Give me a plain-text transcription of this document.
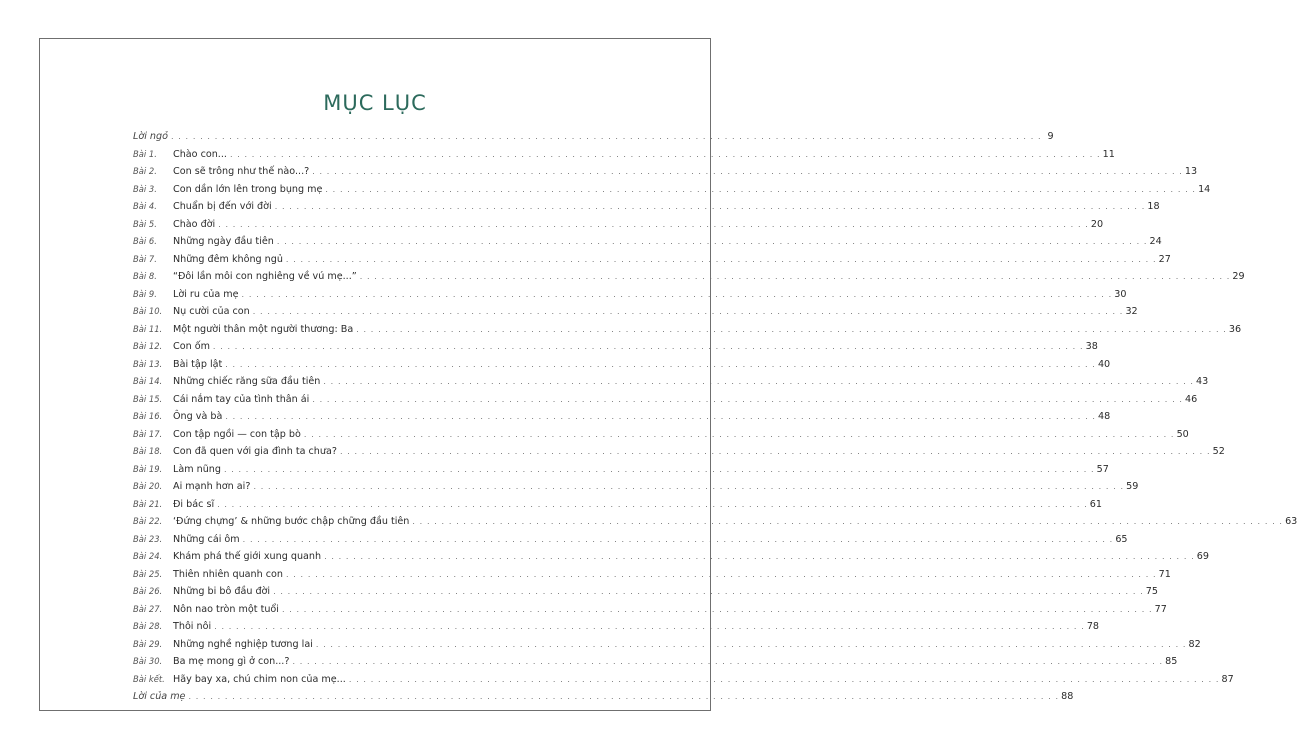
MỤC LỤC
Lời ngỏ . . . . . . . . . . . . . . . . . . . . . . . . . . . . . . . . . . . . . . . . . . . . . . . . . . . . . . . . . . . . . . . . . . . . . . . . . . . . . . . . . . . . . . . . . . . . . . . . . . . . . . . . . . . . . . . . . . . . . . . . 9
Bài 1.	Chào con... . . . . . . . . . . . . . . . . . . . . . . . . . . . . . . . . . . . . . . . . . . . . . . . . . . . . . . . . . . . . . . . . . . . . . . . . . . . . . . . . . . . . . . . . . . . . . . . . . . . . . . . . . . . . . . . . . . . . . . . . 11
Bài 2.	Con sẽ trông như thế nào...? . . . . . . . . . . . . . . . . . . . . . . . . . . . . . . . . . . . . . . . . . . . . . . . . . . . . . . . . . . . . . . . . . . . . . . . . . . . . . . . . . . . . . . . . . . . . . . . . . . . . . . . . . . . . . . . . . . . . . . . . 13
Bài 3.	Con dần lớn lên trong bụng mẹ . . . . . . . . . . . . . . . . . . . . . . . . . . . . . . . . . . . . . . . . . . . . . . . . . . . . . . . . . . . . . . . . . . . . . . . . . . . . . . . . . . . . . . . . . . . . . . . . . . . . . . . . . . . . . . . . . . . . . . . . 14
Bài 4.	Chuẩn bị đến với đời . . . . . . . . . . . . . . . . . . . . . . . . . . . . . . . . . . . . . . . . . . . . . . . . . . . . . . . . . . . . . . . . . . . . . . . . . . . . . . . . . . . . . . . . . . . . . . . . . . . . . . . . . . . . . . . . . . . . . . . . 18
Bài 5.	Chào đời . . . . . . . . . . . . . . . . . . . . . . . . . . . . . . . . . . . . . . . . . . . . . . . . . . . . . . . . . . . . . . . . . . . . . . . . . . . . . . . . . . . . . . . . . . . . . . . . . . . . . . . . . . . . . . . . . . . . . . . . 20
Bài 6.	Những ngày đầu tiên . . . . . . . . . . . . . . . . . . . . . . . . . . . . . . . . . . . . . . . . . . . . . . . . . . . . . . . . . . . . . . . . . . . . . . . . . . . . . . . . . . . . . . . . . . . . . . . . . . . . . . . . . . . . . . . . . . . . . . . . 24
Bài 7.	Những đêm không ngủ . . . . . . . . . . . . . . . . . . . . . . . . . . . . . . . . . . . . . . . . . . . . . . . . . . . . . . . . . . . . . . . . . . . . . . . . . . . . . . . . . . . . . . . . . . . . . . . . . . . . . . . . . . . . . . . . . . . . . . . . 27
Bài 8.	“Đôi lần môi con nghiêng về vú mẹ...” . . . . . . . . . . . . . . . . . . . . . . . . . . . . . . . . . . . . . . . . . . . . . . . . . . . . . . . . . . . . . . . . . . . . . . . . . . . . . . . . . . . . . . . . . . . . . . . . . . . . . . . . . . . . . . . . . . . . . . . . 29
Bài 9.	Lời ru của mẹ . . . . . . . . . . . . . . . . . . . . . . . . . . . . . . . . . . . . . . . . . . . . . . . . . . . . . . . . . . . . . . . . . . . . . . . . . . . . . . . . . . . . . . . . . . . . . . . . . . . . . . . . . . . . . . . . . . . . . . . . 30
Bài 10.	Nụ cười của con . . . . . . . . . . . . . . . . . . . . . . . . . . . . . . . . . . . . . . . . . . . . . . . . . . . . . . . . . . . . . . . . . . . . . . . . . . . . . . . . . . . . . . . . . . . . . . . . . . . . . . . . . . . . . . . . . . . . . . . . 32
Bài 11.	Một người thân một người thương: Ba . . . . . . . . . . . . . . . . . . . . . . . . . . . . . . . . . . . . . . . . . . . . . . . . . . . . . . . . . . . . . . . . . . . . . . . . . . . . . . . . . . . . . . . . . . . . . . . . . . . . . . . . . . . . . . . . . . . . . . . . 36
Bài 12.	Con ốm . . . . . . . . . . . . . . . . . . . . . . . . . . . . . . . . . . . . . . . . . . . . . . . . . . . . . . . . . . . . . . . . . . . . . . . . . . . . . . . . . . . . . . . . . . . . . . . . . . . . . . . . . . . . . . . . . . . . . . . . 38
Bài 13.	Bài tập lật . . . . . . . . . . . . . . . . . . . . . . . . . . . . . . . . . . . . . . . . . . . . . . . . . . . . . . . . . . . . . . . . . . . . . . . . . . . . . . . . . . . . . . . . . . . . . . . . . . . . . . . . . . . . . . . . . . . . . . . . 40
Bài 14.	Những chiếc răng sữa đầu tiên . . . . . . . . . . . . . . . . . . . . . . . . . . . . . . . . . . . . . . . . . . . . . . . . . . . . . . . . . . . . . . . . . . . . . . . . . . . . . . . . . . . . . . . . . . . . . . . . . . . . . . . . . . . . . . . . . . . . . . . . 43
Bài 15.	Cái nắm tay của tình thân ái . . . . . . . . . . . . . . . . . . . . . . . . . . . . . . . . . . . . . . . . . . . . . . . . . . . . . . . . . . . . . . . . . . . . . . . . . . . . . . . . . . . . . . . . . . . . . . . . . . . . . . . . . . . . . . . . . . . . . . . . 46
Bài 16.	Ông và bà . . . . . . . . . . . . . . . . . . . . . . . . . . . . . . . . . . . . . . . . . . . . . . . . . . . . . . . . . . . . . . . . . . . . . . . . . . . . . . . . . . . . . . . . . . . . . . . . . . . . . . . . . . . . . . . . . . . . . . . . 48
Bài 17.	Con tập ngồi — con tập bò . . . . . . . . . . . . . . . . . . . . . . . . . . . . . . . . . . . . . . . . . . . . . . . . . . . . . . . . . . . . . . . . . . . . . . . . . . . . . . . . . . . . . . . . . . . . . . . . . . . . . . . . . . . . . . . . . . . . . . . . 50
Bài 18.	Con đã quen với gia đình ta chưa? . . . . . . . . . . . . . . . . . . . . . . . . . . . . . . . . . . . . . . . . . . . . . . . . . . . . . . . . . . . . . . . . . . . . . . . . . . . . . . . . . . . . . . . . . . . . . . . . . . . . . . . . . . . . . . . . . . . . . . . . 52
Bài 19.	Làm nũng . . . . . . . . . . . . . . . . . . . . . . . . . . . . . . . . . . . . . . . . . . . . . . . . . . . . . . . . . . . . . . . . . . . . . . . . . . . . . . . . . . . . . . . . . . . . . . . . . . . . . . . . . . . . . . . . . . . . . . . . 57
Bài 20.	Ai mạnh hơn ai? . . . . . . . . . . . . . . . . . . . . . . . . . . . . . . . . . . . . . . . . . . . . . . . . . . . . . . . . . . . . . . . . . . . . . . . . . . . . . . . . . . . . . . . . . . . . . . . . . . . . . . . . . . . . . . . . . . . . . . . . 59
Bài 21.	Đi bác sĩ . . . . . . . . . . . . . . . . . . . . . . . . . . . . . . . . . . . . . . . . . . . . . . . . . . . . . . . . . . . . . . . . . . . . . . . . . . . . . . . . . . . . . . . . . . . . . . . . . . . . . . . . . . . . . . . . . . . . . . . . 61
Bài 22.	‘Đứng chựng’ & những bước chập chững đầu tiên . . . . . . . . . . . . . . . . . . . . . . . . . . . . . . . . . . . . . . . . . . . . . . . . . . . . . . . . . . . . . . . . . . . . . . . . . . . . . . . . . . . . . . . . . . . . . . . . . . . . . . . . . . . . . . . . . . . . . . . . 63
Bài 23.	Những cái ôm . . . . . . . . . . . . . . . . . . . . . . . . . . . . . . . . . . . . . . . . . . . . . . . . . . . . . . . . . . . . . . . . . . . . . . . . . . . . . . . . . . . . . . . . . . . . . . . . . . . . . . . . . . . . . . . . . . . . . . . . 65
Bài 24.	Khám phá thế giới xung quanh . . . . . . . . . . . . . . . . . . . . . . . . . . . . . . . . . . . . . . . . . . . . . . . . . . . . . . . . . . . . . . . . . . . . . . . . . . . . . . . . . . . . . . . . . . . . . . . . . . . . . . . . . . . . . . . . . . . . . . . . 69
Bài 25.	Thiên nhiên quanh con . . . . . . . . . . . . . . . . . . . . . . . . . . . . . . . . . . . . . . . . . . . . . . . . . . . . . . . . . . . . . . . . . . . . . . . . . . . . . . . . . . . . . . . . . . . . . . . . . . . . . . . . . . . . . . . . . . . . . . . . 71
Bài 26.	Những bi bô đầu đời . . . . . . . . . . . . . . . . . . . . . . . . . . . . . . . . . . . . . . . . . . . . . . . . . . . . . . . . . . . . . . . . . . . . . . . . . . . . . . . . . . . . . . . . . . . . . . . . . . . . . . . . . . . . . . . . . . . . . . . . 75
Bài 27.	Nôn nao tròn một tuổi . . . . . . . . . . . . . . . . . . . . . . . . . . . . . . . . . . . . . . . . . . . . . . . . . . . . . . . . . . . . . . . . . . . . . . . . . . . . . . . . . . . . . . . . . . . . . . . . . . . . . . . . . . . . . . . . . . . . . . . . 77
Bài 28.	Thôi nôi . . . . . . . . . . . . . . . . . . . . . . . . . . . . . . . . . . . . . . . . . . . . . . . . . . . . . . . . . . . . . . . . . . . . . . . . . . . . . . . . . . . . . . . . . . . . . . . . . . . . . . . . . . . . . . . . . . . . . . . . 78
Bài 29.	Những nghề nghiệp tương lai . . . . . . . . . . . . . . . . . . . . . . . . . . . . . . . . . . . . . . . . . . . . . . . . . . . . . . . . . . . . . . . . . . . . . . . . . . . . . . . . . . . . . . . . . . . . . . . . . . . . . . . . . . . . . . . . . . . . . . . . 82
Bài 30.	Ba mẹ mong gì ở con...? . . . . . . . . . . . . . . . . . . . . . . . . . . . . . . . . . . . . . . . . . . . . . . . . . . . . . . . . . . . . . . . . . . . . . . . . . . . . . . . . . . . . . . . . . . . . . . . . . . . . . . . . . . . . . . . . . . . . . . . . 85
Bài kết. Hãy bay xa, chú chim non của mẹ... . . . . . . . . . . . . . . . . . . . . . . . . . . . . . . . . . . . . . . . . . . . . . . . . . . . . . . . . . . . . . . . . . . . . . . . . . . . . . . . . . . . . . . . . . . . . . . . . . . . . . . . . . . . . . . . . . . . . . . . . 87
Lời của mẹ . . . . . . . . . . . . . . . . . . . . . . . . . . . . . . . . . . . . . . . . . . . . . . . . . . . . . . . . . . . . . . . . . . . . . . . . . . . . . . . . . . . . . . . . . . . . . . . . . . . . . . . . . . . . . . . . . . . . . . . . 88
